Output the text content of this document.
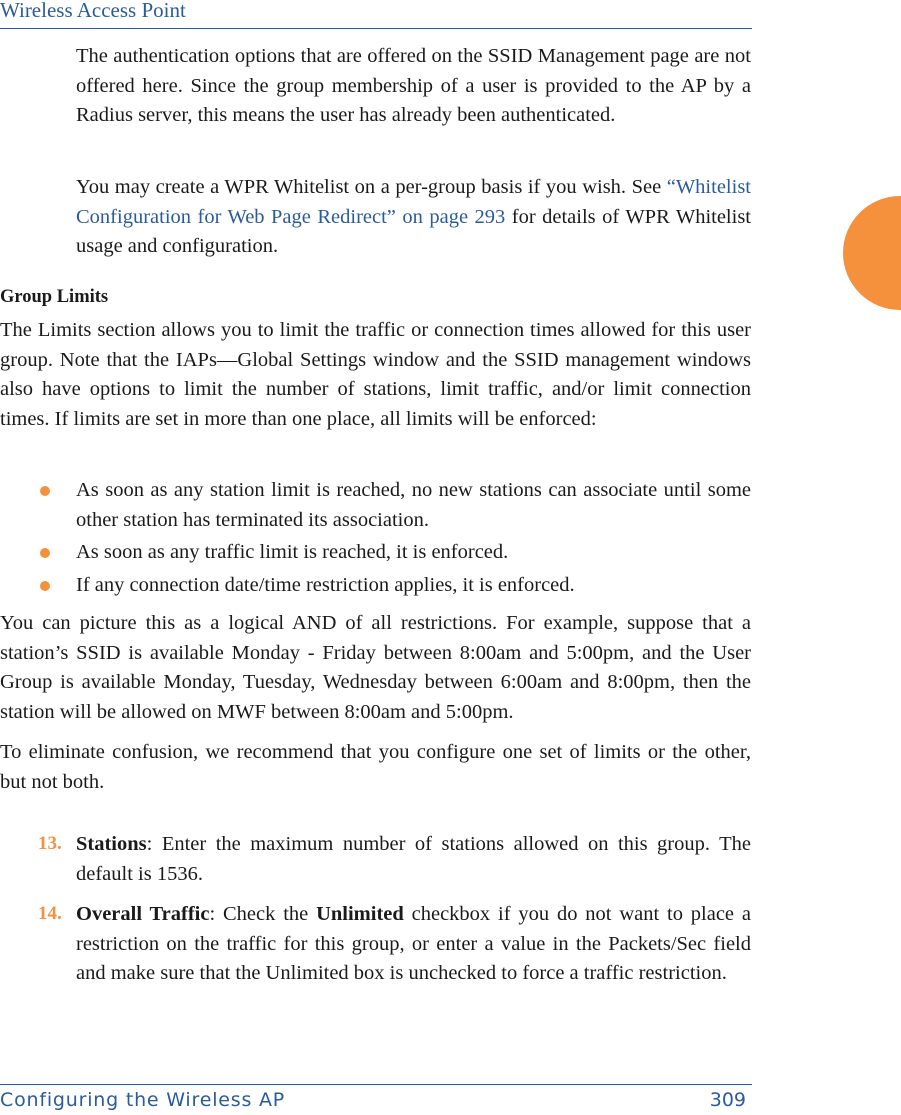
Wireless Access Point

The authentication options that are offered on the SSID Management page are not offered here. Since the group membership of a user is provided to the AP by a Radius server, this means the user has already been authenticated.

You may create a WPR Whitelist on a per-group basis if you wish. See “Whitelist Configuration for Web Page Redirect” on page 293 for details of WPR Whitelist usage and configuration.

Group Limits

The Limits section allows you to limit the traffic or connection times allowed for this user group. Note that the IAPs—Global Settings window and the SSID management windows also have options to limit the number of stations, limit traffic, and/or limit connection times. If limits are set in more than one place, all limits will be enforced:

As soon as any station limit is reached, no new stations can associate until some other station has terminated its association.

As soon as any traffic limit is reached, it is enforced.

If any connection date/time restriction applies, it is enforced.

You can picture this as a logical AND of all restrictions. For example, suppose that a station’s SSID is available Monday - Friday between 8:00am and 5:00pm, and the User Group is available Monday, Tuesday, Wednesday between 6:00am and 8:00pm, then the station will be allowed on MWF between 8:00am and 5:00pm.

To eliminate confusion, we recommend that you configure one set of limits or the other, but not both.

13. Stations: Enter the maximum number of stations allowed on this group. The default is 1536.

14. Overall Traffic: Check the Unlimited checkbox if you do not want to place a restriction on the traffic for this group, or enter a value in the Packets/Sec field and make sure that the Unlimited box is unchecked to force a traffic restriction.

Configuring the Wireless AP	309
